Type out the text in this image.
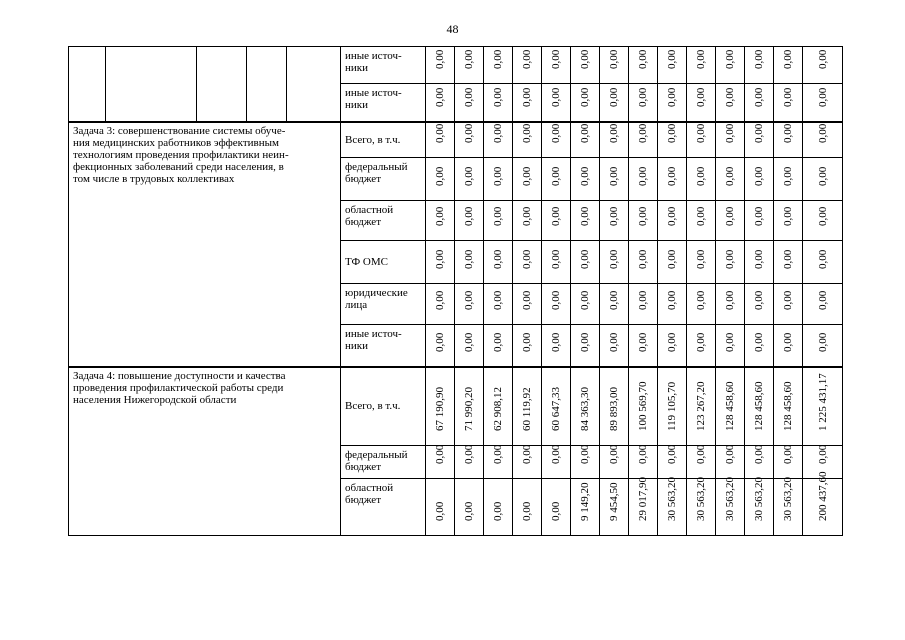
48
					иные источ-
ники	0,00	0,00	0,00	0,00	0,00	0,00	0,00	0,00	0,00	0,00	0,00	0,00	0,00	0,00

					иные источ-
ники	0,00	0,00	0,00	0,00	0,00	0,00	0,00	0,00	0,00	0,00	0,00	0,00	0,00	0,00

Задача 3: совершенствование системы обуче-
ния медицинских работников эффективным
технологиям проведения профилактики неин-
фекционных заболеваний среди населения, в
том числе в трудовых коллективах					Всего, в т.ч.	0,00	0,00	0,00	0,00	0,00	0,00	0,00	0,00	0,00	0,00	0,00	0,00	0,00	0,00

					федеральный
бюджет	0,00	0,00	0,00	0,00	0,00	0,00	0,00	0,00	0,00	0,00	0,00	0,00	0,00	0,00

					областной
бюджет	0,00	0,00	0,00	0,00	0,00	0,00	0,00	0,00	0,00	0,00	0,00	0,00	0,00	0,00

					ТФ ОМС	0,00	0,00	0,00	0,00	0,00	0,00	0,00	0,00	0,00	0,00	0,00	0,00	0,00	0,00

					юридические
лица	0,00	0,00	0,00	0,00	0,00	0,00	0,00	0,00	0,00	0,00	0,00	0,00	0,00	0,00

					иные источ-
ники	0,00	0,00	0,00	0,00	0,00	0,00	0,00	0,00	0,00	0,00	0,00	0,00	0,00	0,00

Задача 4: повышение доступности и качества
проведения профилактической работы среди
населения Нижегородской области					Всего, в т.ч.	67 190,90	71 990,20	62 908,12	60 119,92	60 647,33	84 363,30	89 893,00	100 569,70	119 105,70	123 267,20	128 458,60	128 458,60	128 458,60	1 225 431,17

					федеральный
бюджет	0,00	0,00	0,00	0,00	0,00	0,00	0,00	0,00	0,00	0,00	0,00	0,00	0,00	0,00

					областной
бюджет	0,00	0,00	0,00	0,00	0,00	9 149,20	9 454,50	29 017,90	30 563,20	30 563,20	30 563,20	30 563,20	30 563,20	200 437,60
